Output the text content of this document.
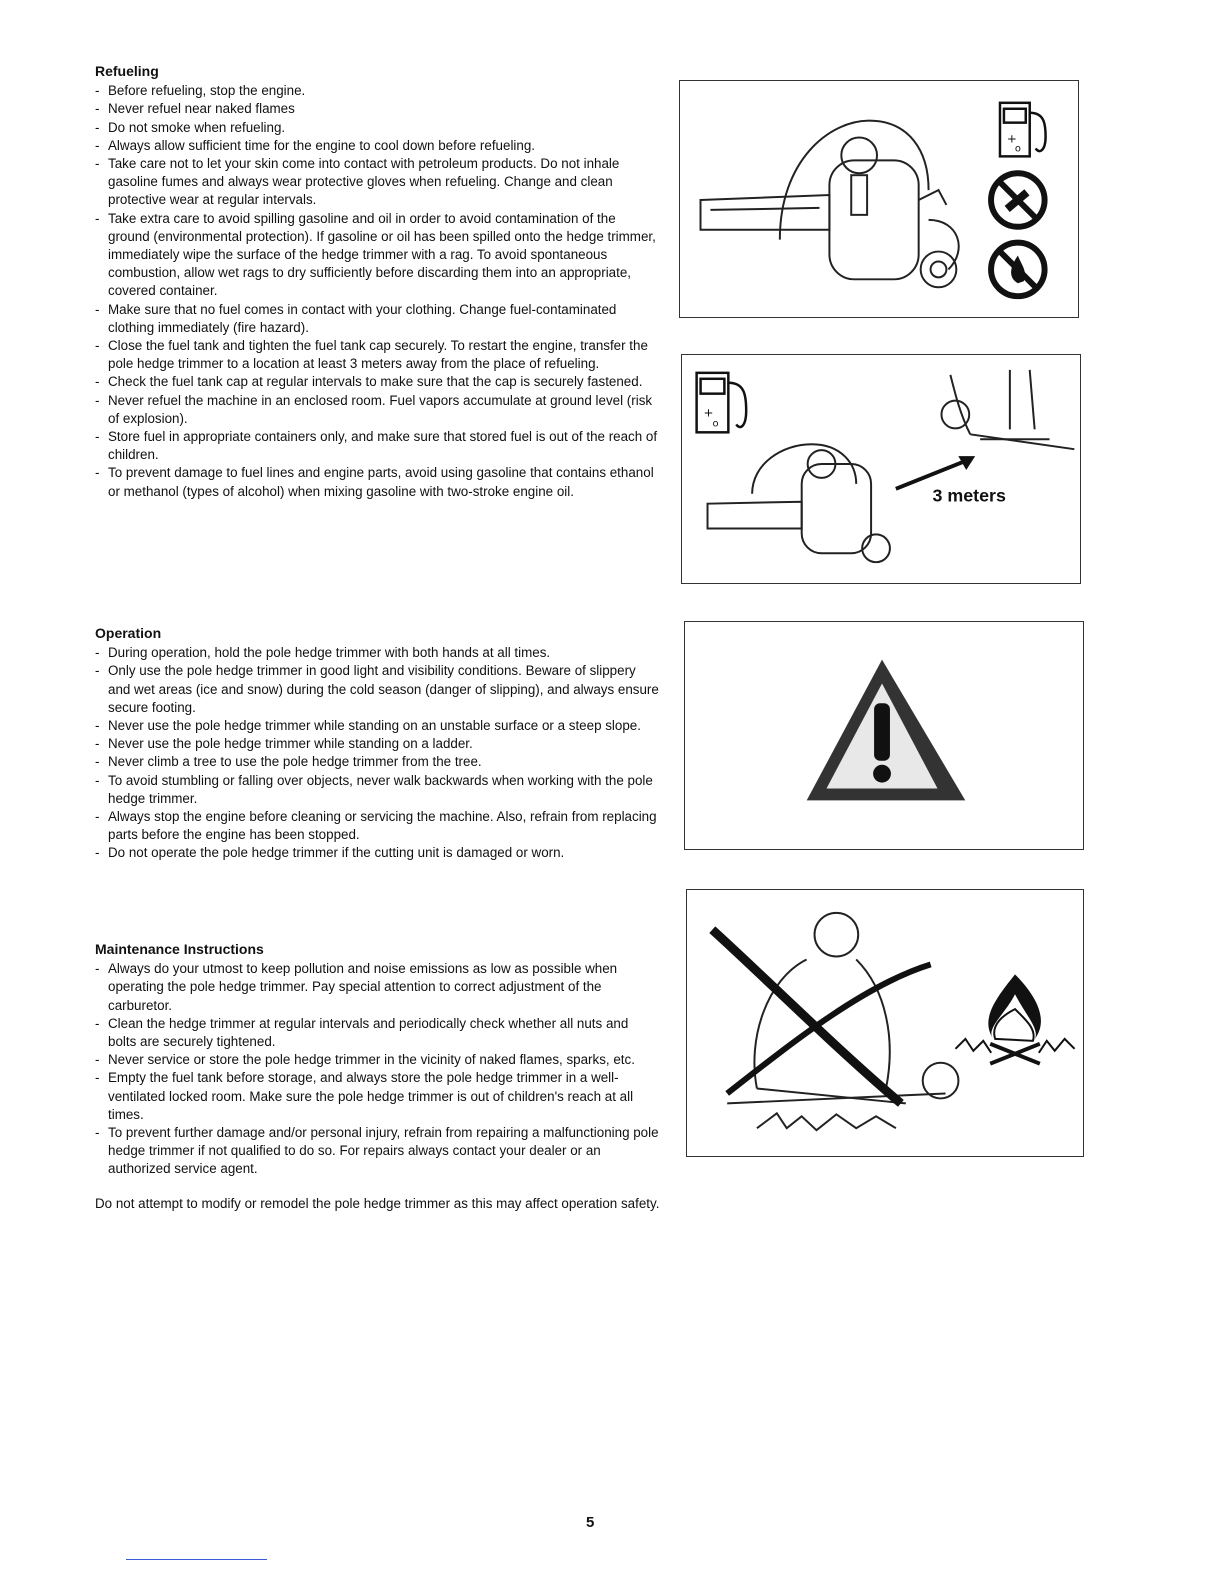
Refueling
- Before refueling, stop the engine.
- Never refuel near naked flames
- Do not smoke when refueling.
- Always allow sufficient time for the engine to cool down before refueling.
- Take care not to let your skin come into contact with petroleum products. Do not inhale gasoline fumes and always wear protective gloves when refueling. Change and clean protective wear at regular intervals.
- Take extra care to avoid spilling gasoline and oil in order to avoid contamination of the ground (environmental protection). If gasoline or oil has been spilled onto the hedge trimmer, immediately wipe the surface of the hedge trimmer with a rag. To avoid spontaneous combustion, allow wet rags to dry sufficiently before discarding them into an appropriate, covered container.
- Make sure that no fuel comes in contact with your clothing. Change fuel-contaminated clothing immediately (fire hazard).
- Close the fuel tank and tighten the fuel tank cap securely. To restart the engine, transfer the pole hedge trimmer to a location at least 3 meters away from the place of refueling.
- Check the fuel tank cap at regular intervals to make sure that the cap is securely fastened.
- Never refuel the machine in an enclosed room. Fuel vapors accumulate at ground level (risk of explosion).
- Store fuel in appropriate containers only, and make sure that stored fuel is out of the reach of children.
- To prevent damage to fuel lines and engine parts, avoid using gasoline that contains ethanol or methanol (types of alcohol) when mixing gasoline with two-stroke engine oil.
Operation
- During operation, hold the pole hedge trimmer with both hands at all times.
- Only use the pole hedge trimmer in good light and visibility conditions. Beware of slippery and wet areas (ice and snow) during the cold season (danger of slipping), and always ensure secure footing.
- Never use the pole hedge trimmer while standing on an unstable surface or a steep slope.
- Never use the pole hedge trimmer while standing on a ladder.
- Never climb a tree to use the pole hedge trimmer from the tree.
- To avoid stumbling or falling over objects, never walk backwards when working with the pole hedge trimmer.
- Always stop the engine before cleaning or servicing the machine. Also, refrain from replacing parts before the engine has been stopped.
- Do not operate the pole hedge trimmer if the cutting unit is damaged or worn.
Maintenance Instructions
- Always do your utmost to keep pollution and noise emissions as low as possible when operating the pole hedge trimmer. Pay special attention to correct adjustment of the carburetor.
- Clean the hedge trimmer at regular intervals and periodically check whether all nuts and bolts are securely tightened.
- Never service or store the pole hedge trimmer in the vicinity of naked flames, sparks, etc.
- Empty the fuel tank before storage, and always store the pole hedge trimmer in a well-ventilated locked room. Make sure the pole hedge trimmer is out of children's reach at all times.
- To prevent further damage and/or personal injury, refrain from repairing a malfunctioning pole hedge trimmer if not qualified to do so. For repairs always contact your dealer or an authorized service agent.

Do not attempt to modify or remodel the pole hedge trimmer as this may affect operation safety.

+
o
+
o
3 meters
5
